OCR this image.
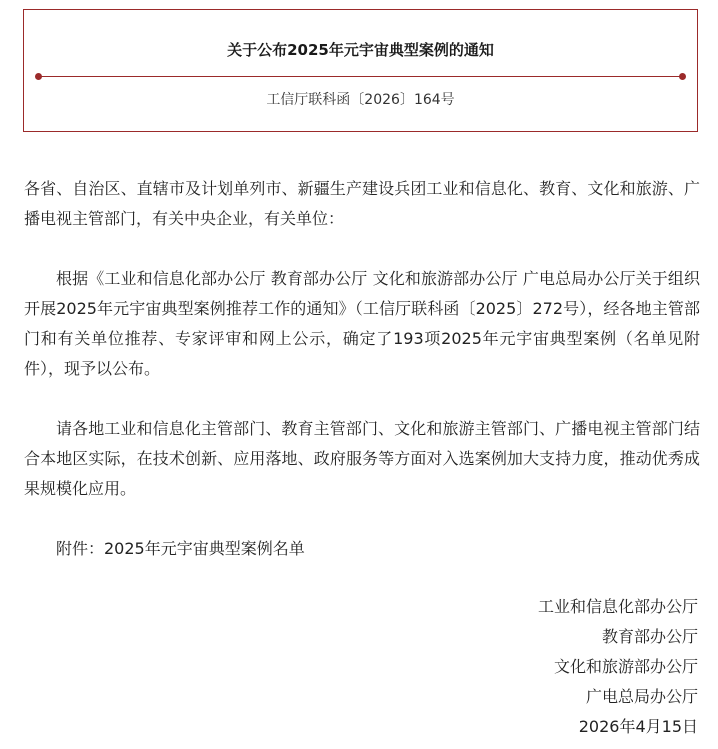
关于公布2025年元宇宙典型案例的通知
工信厅联科函〔2026〕164号

各省、自治区、直辖市及计划单列市、新疆生产建设兵团工业和信息化、教育、文化和旅游、广播电视主管部门，有关中央企业，有关单位：

根据《工业和信息化部办公厅 教育部办公厅 文化和旅游部办公厅 广电总局办公厅关于组织开展2025年元宇宙典型案例推荐工作的通知》（工信厅联科函〔2025〕272号），经各地主管部门和有关单位推荐、专家评审和网上公示，确定了193项2025年元宇宙典型案例（名单见附件），现予以公布。

请各地工业和信息化主管部门、教育主管部门、文化和旅游主管部门、广播电视主管部门结合本地区实际，在技术创新、应用落地、政府服务等方面对入选案例加大支持力度，推动优秀成果规模化应用。

附件：2025年元宇宙典型案例名单

工业和信息化部办公厅
教育部办公厅
文化和旅游部办公厅
广电总局办公厅
2026年4月15日
